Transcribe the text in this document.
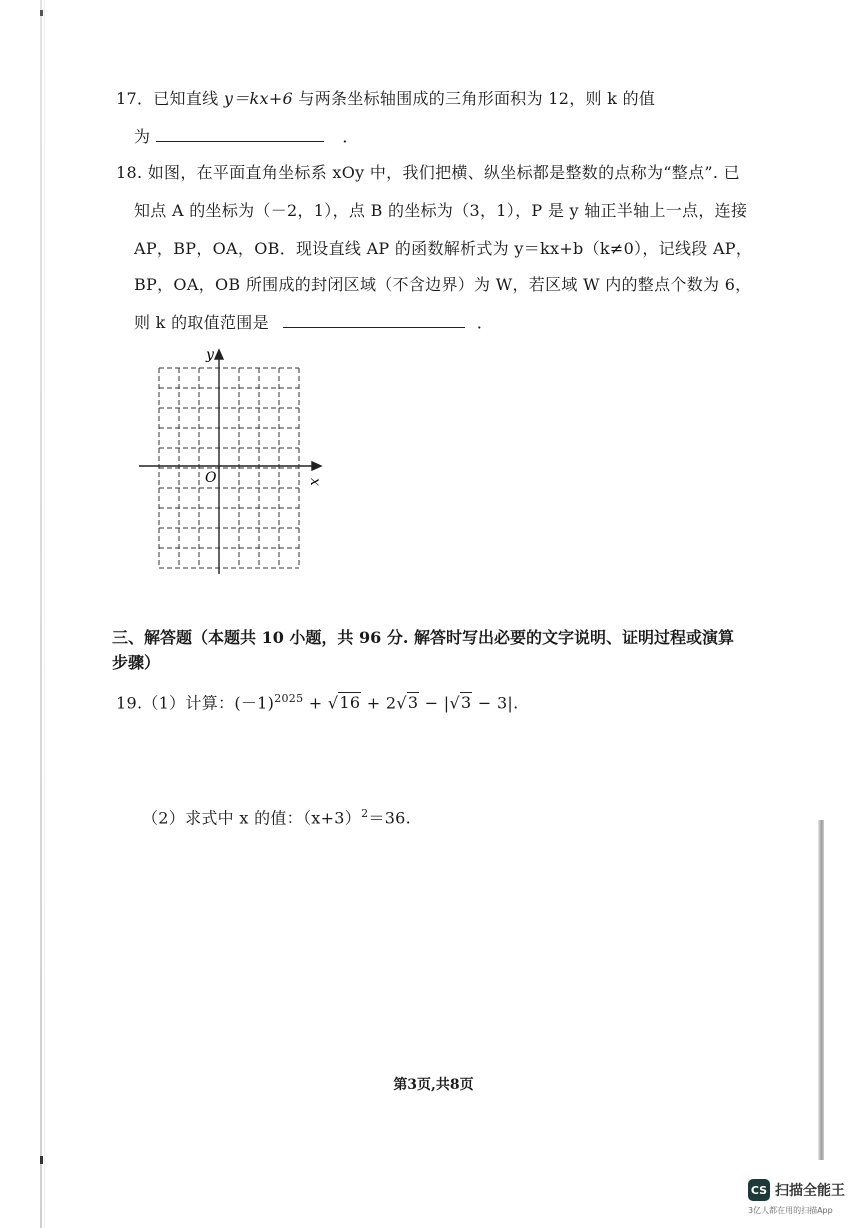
17．已知直线 y＝kx+6 与两条坐标轴围成的三角形面积为 12，则 k 的值
为	．
18. 如图，在平面直角坐标系 xOy 中，我们把横、纵坐标都是整数的点称为“整点”. 已
知点 A 的坐标为（－2，1），点 B 的坐标为（3，1），P 是 y 轴正半轴上一点，连接
AP，BP，OA，OB．现设直线 AP 的函数解析式为 y＝kx+b（k≠0），记线段 AP，
BP，OA，OB 所围成的封闭区域（不含边界）为 W，若区域 W 内的整点个数为 6，
则 k 的取值范围是	．
y
x
O
三、解答题（本题共 10 小题，共 96 分. 解答时写出必要的文字说明、证明过程或演算
步骤）
19.（1）计算：$(-1)^{2025} + √16 + 2√3 - |√3 - 3|$.
（2）求式中 x 的值：$(x+3)^2=36$.
第3页,共8页
CS 扫描全能王
3亿人都在用的扫描App
